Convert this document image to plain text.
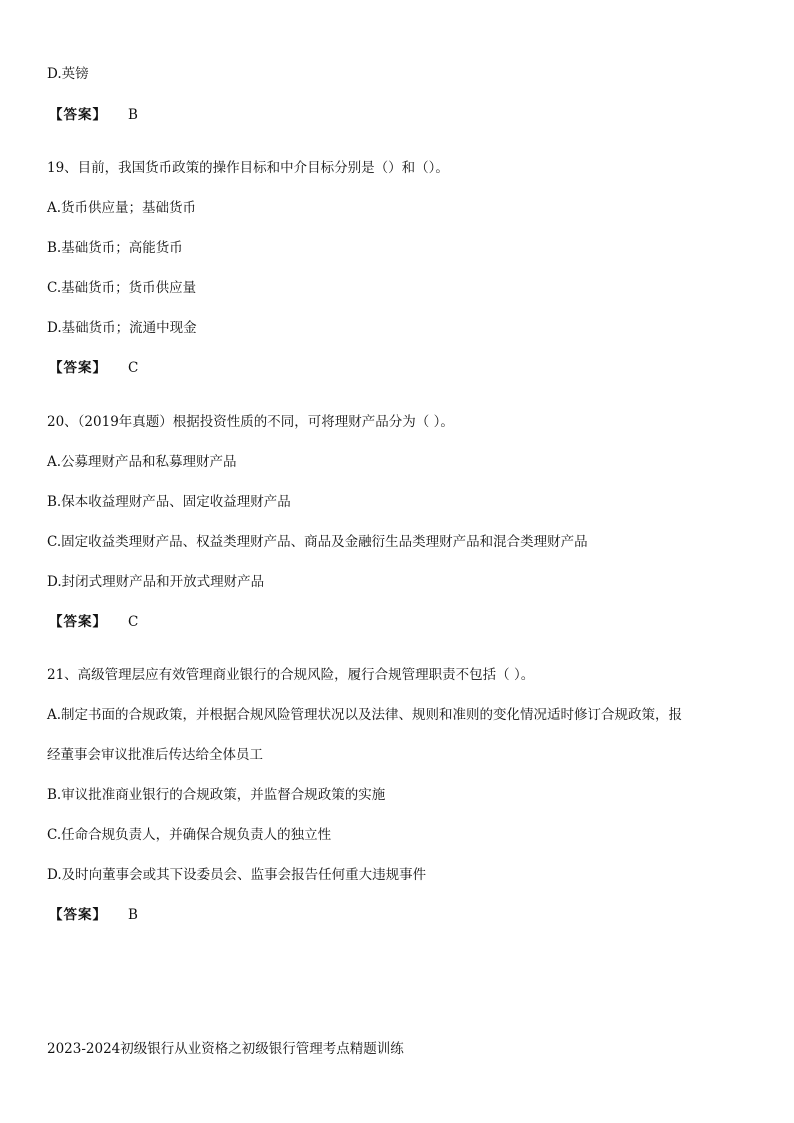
D.英镑
【答案】 B
19、目前，我国货币政策的操作目标和中介目标分别是（）和（）。
A.货币供应量；基础货币
B.基础货币；高能货币
C.基础货币；货币供应量
D.基础货币；流通中现金
【答案】 C
20、（2019年真题）根据投资性质的不同，可将理财产品分为（ ）。
A.公募理财产品和私募理财产品
B.保本收益理财产品、固定收益理财产品
C.固定收益类理财产品、权益类理财产品、商品及金融衍生品类理财产品和混合类理财产品
D.封闭式理财产品和开放式理财产品
【答案】 C
21、高级管理层应有效管理商业银行的合规风险，履行合规管理职责不包括（ ）。
A.制定书面的合规政策，并根据合规风险管理状况以及法律、规则和准则的变化情况适时修订合规政策，报
经董事会审议批准后传达给全体员工
B.审议批准商业银行的合规政策，并监督合规政策的实施
C.任命合规负责人，并确保合规负责人的独立性
D.及时向董事会或其下设委员会、监事会报告任何重大违规事件
【答案】 B
2023-2024初级银行从业资格之初级银行管理考点精题训练
